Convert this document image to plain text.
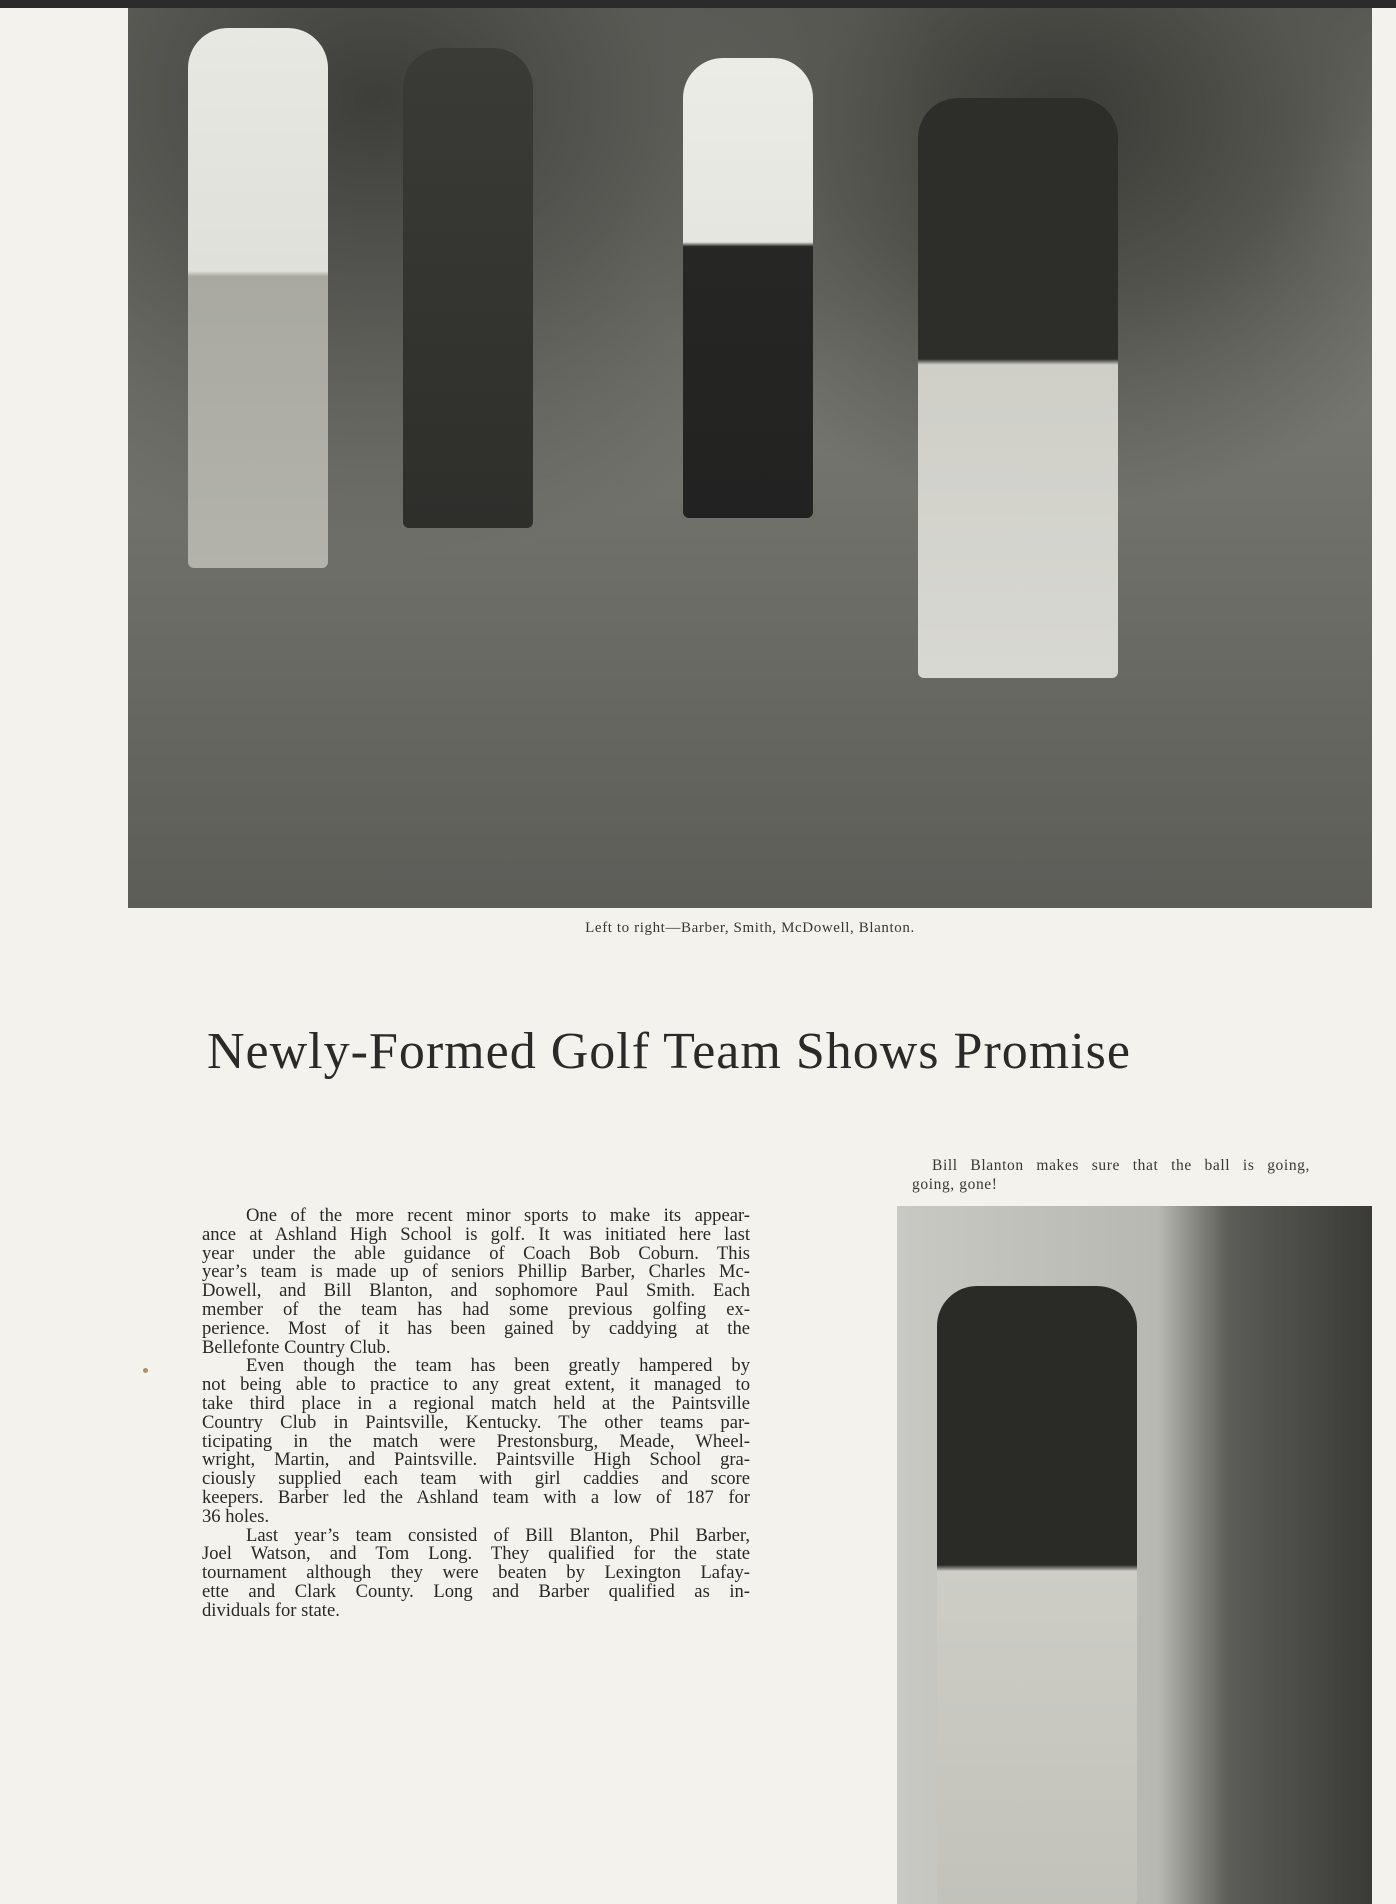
Left to right—Barber, Smith, McDowell, Blanton.
Newly-Formed Golf Team Shows Promise
Bill Blanton makes sure that the ball is going,
going, gone!
One of the more recent minor sports to make its appear-
ance at Ashland High School is golf. It was initiated here last
year under the able guidance of Coach Bob Coburn. This
year’s team is made up of seniors Phillip Barber, Charles Mc-
Dowell, and Bill Blanton, and sophomore Paul Smith. Each
member of the team has had some previous golfing ex-
perience. Most of it has been gained by caddying at the
Bellefonte Country Club.
Even though the team has been greatly hampered by
not being able to practice to any great extent, it managed to
take third place in a regional match held at the Paintsville
Country Club in Paintsville, Kentucky. The other teams par-
ticipating in the match were Prestonsburg, Meade, Wheel-
wright, Martin, and Paintsville. Paintsville High School gra-
ciously supplied each team with girl caddies and score
keepers. Barber led the Ashland team with a low of 187 for
36 holes.
Last year’s team consisted of Bill Blanton, Phil Barber,
Joel Watson, and Tom Long. They qualified for the state
tournament although they were beaten by Lexington Lafay-
ette and Clark County. Long and Barber qualified as in-
dividuals for state.
